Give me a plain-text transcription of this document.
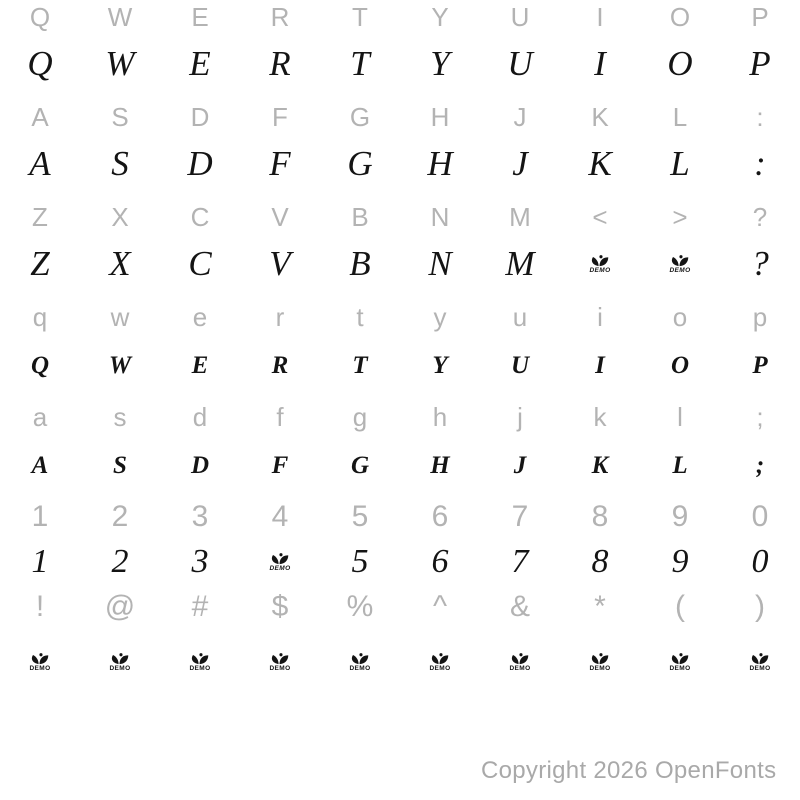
Q W E R T Y U	I	O P
Q W E R T Y U I O P
A S D F G H J K L	:
A S D F G H J K L :
Z X C V B N M < >	?
Z X C V B N M	DEMO	DEMO ?
q w e	r	t	y	u	i	o	p
Q W E	R	T	Y	U	I	O	P
a	s	d	f	g	h	j	k	l	;
A	S	D	F	G H	J	K	L	;
1 2 3 4 5 6 7 8 9 0
1 2 3	DEMO 5 6 7 8 9 0
! @ # $ % ^ & * ( )
DEMO	DEMO	DEMO	DEMO	DEMO	DEMO	DEMO	DEMO	DEMO	DEMO
Copyright 2026 OpenFonts
